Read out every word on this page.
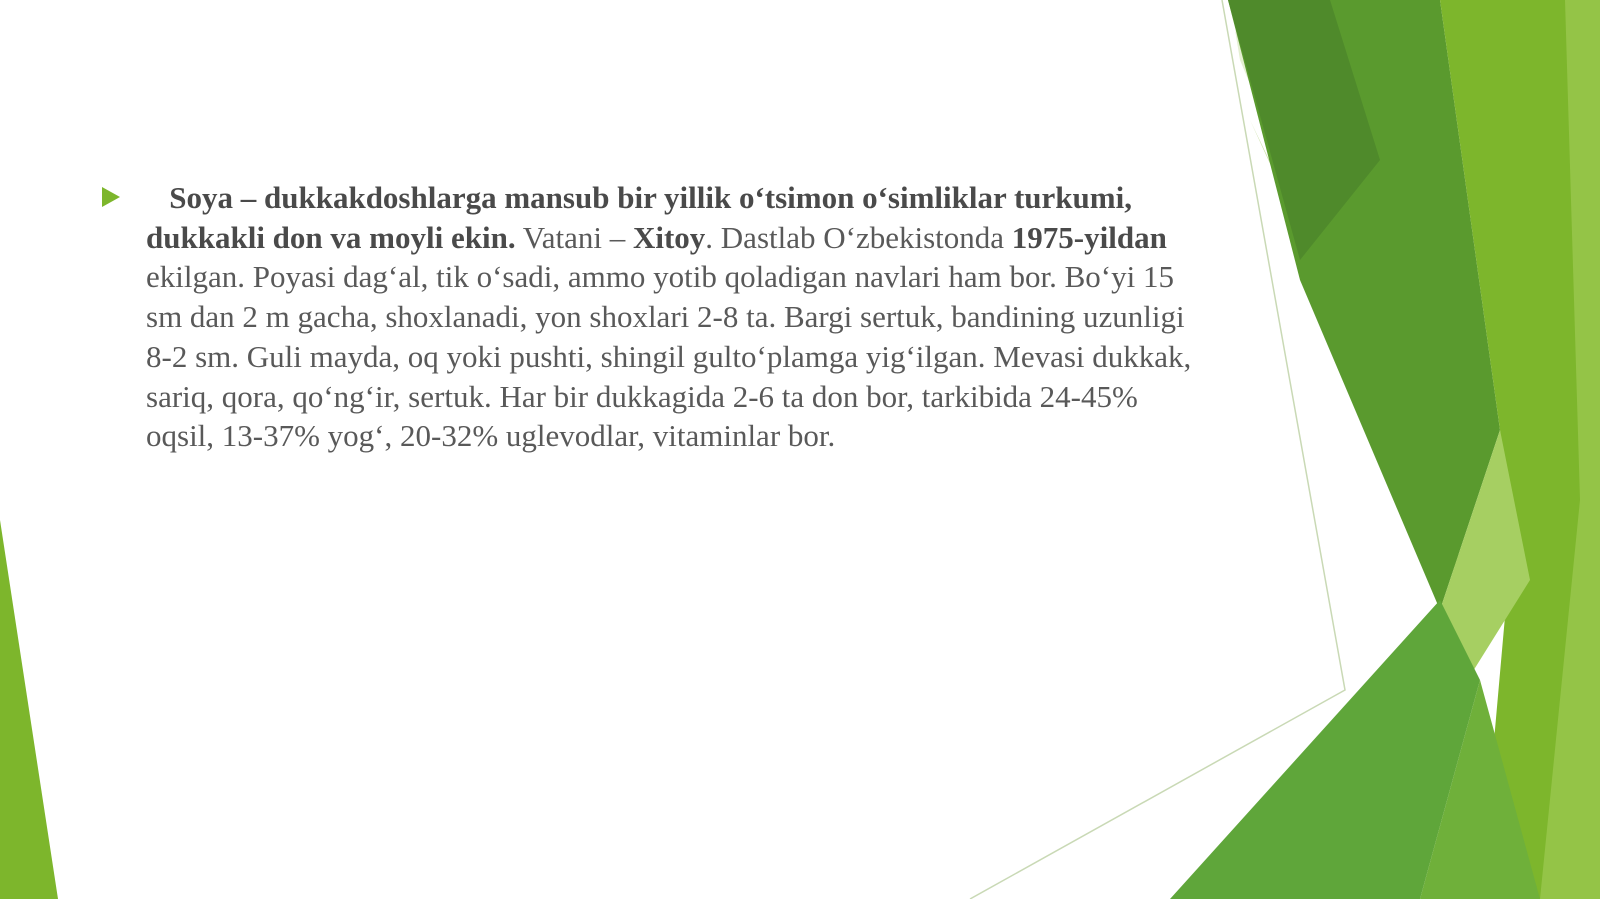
Soya – dukkakdoshlarga mansub bir yillik o‘tsimon o‘simliklar turkumi, dukkakli don va moyli ekin. Vatani – Xitoy. Dastlab O‘zbekistonda 1975-yildan ekilgan. Poyasi dag‘al, tik o‘sadi, ammo yotib qoladigan navlari ham bor. Bo‘yi 15 sm dan 2 m gacha, shoxlanadi, yon shoxlari 2-8 ta. Bargi sertuk, bandining uzunligi 8-2 sm. Guli mayda, oq yoki pushti, shingil gulto‘plamga yig‘ilgan. Mevasi dukkak, sariq, qora, qo‘ng‘ir, sertuk. Har bir dukkagida 2-6 ta don bor, tarkibida 24-45% oqsil, 13-37% yog‘, 20-32% uglevodlar, vitaminlar bor.
